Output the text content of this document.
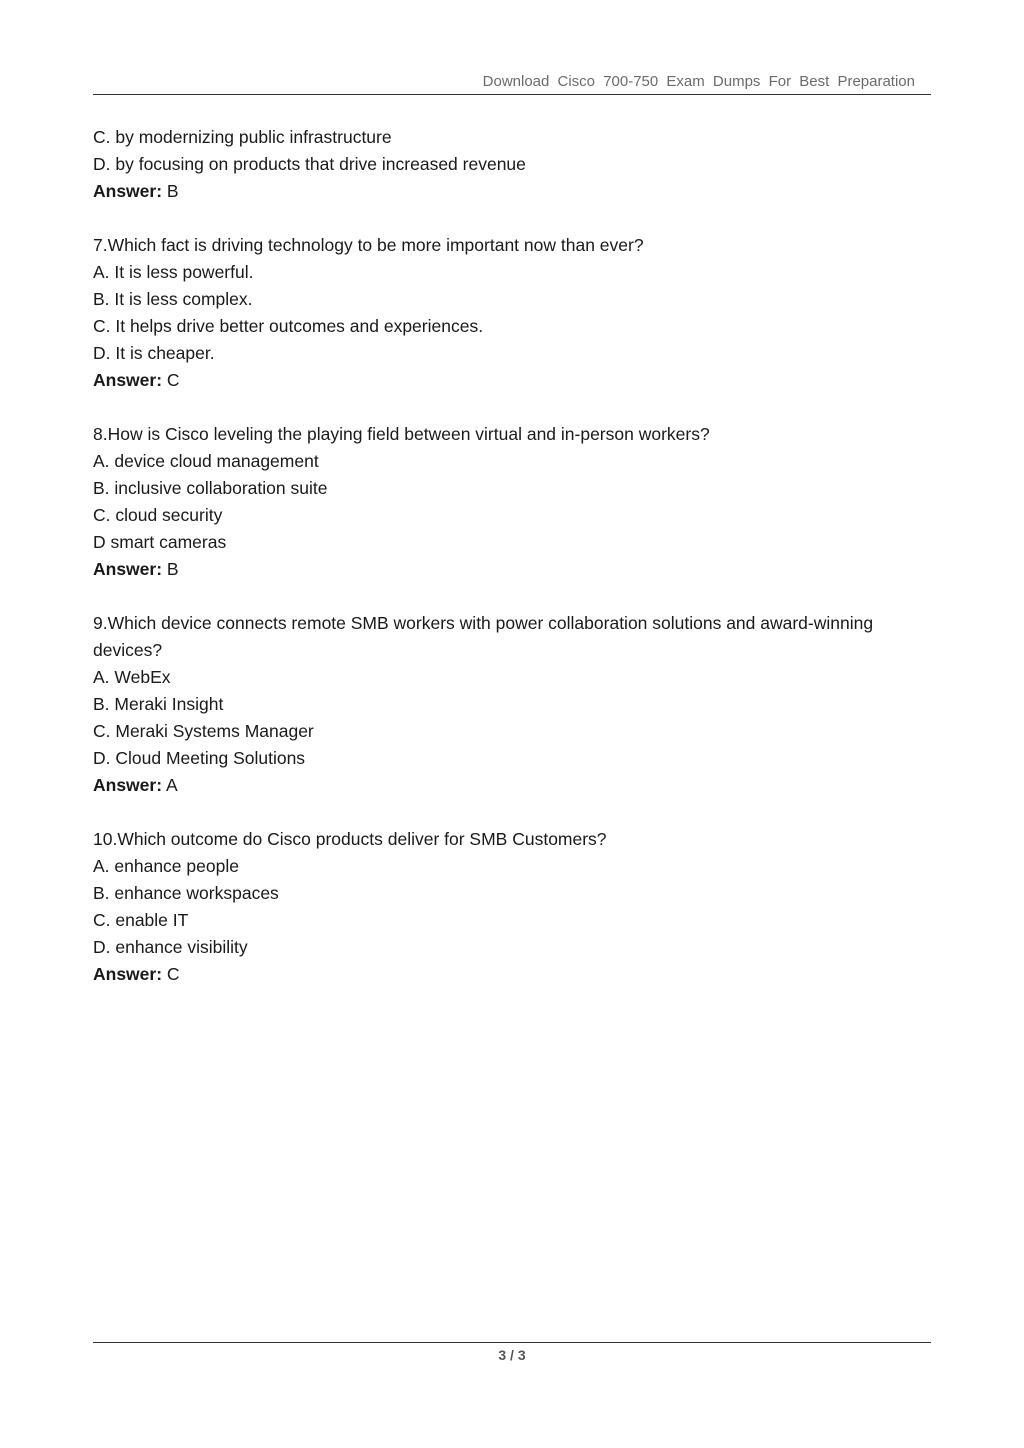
Download Cisco 700-750 Exam Dumps For Best Preparation
C. by modernizing public infrastructure
D. by focusing on products that drive increased revenue
Answer: B
7.Which fact is driving technology to be more important now than ever?
A. It is less powerful.
B. It is less complex.
C. It helps drive better outcomes and experiences.
D. It is cheaper.
Answer: C
8.How is Cisco leveling the playing field between virtual and in-person workers?
A. device cloud management
B. inclusive collaboration suite
C. cloud security
D smart cameras
Answer: B
9.Which device connects remote SMB workers with power collaboration solutions and award-winning devices?
A. WebEx
B. Meraki Insight
C. Meraki Systems Manager
D. Cloud Meeting Solutions
Answer: A
10.Which outcome do Cisco products deliver for SMB Customers?
A. enhance people
B. enhance workspaces
C. enable IT
D. enhance visibility
Answer: C
3 / 3
